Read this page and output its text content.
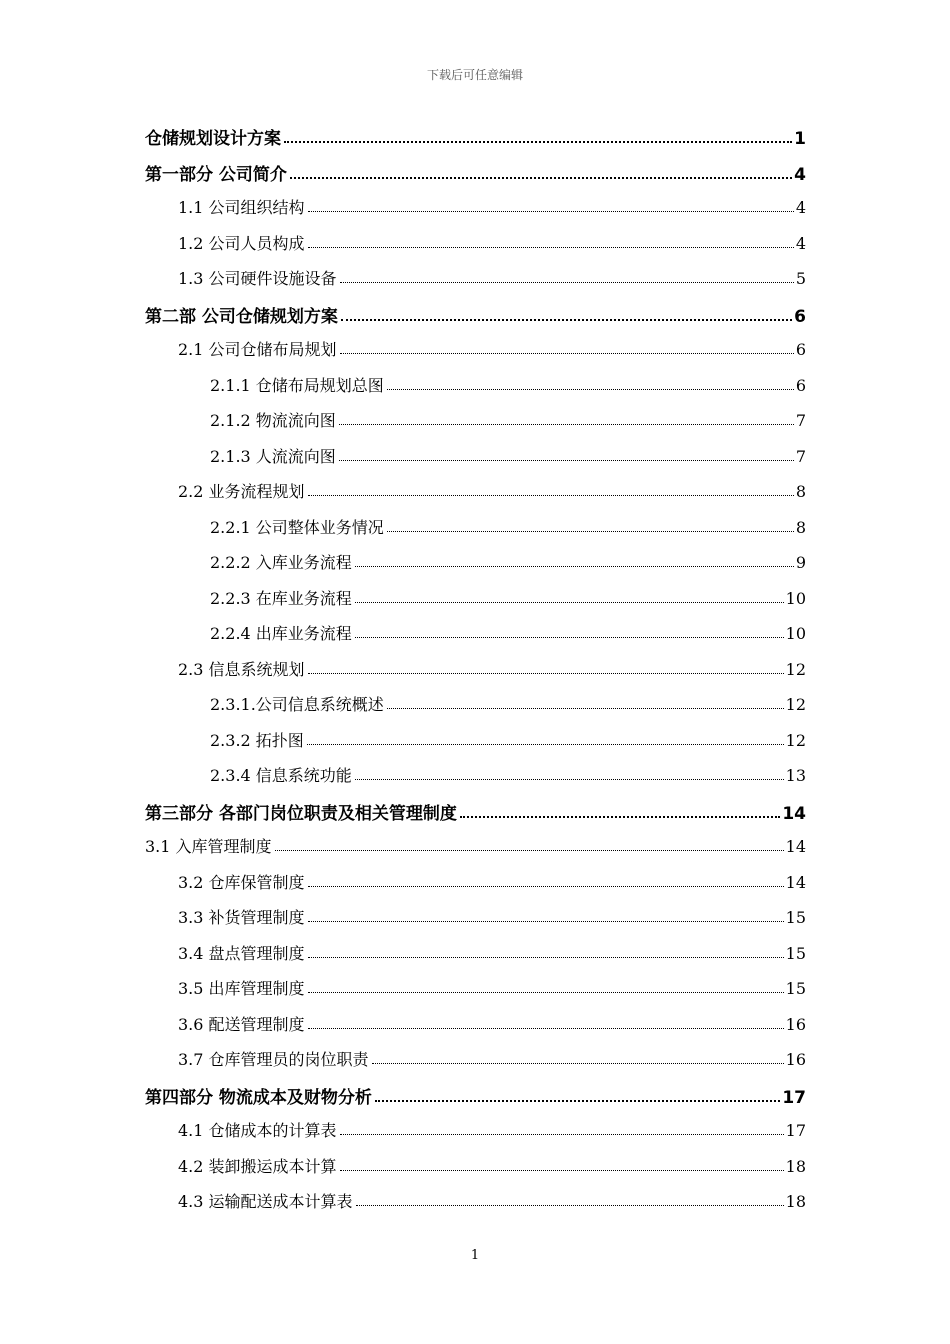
下载后可任意编辑
仓储规划设计方案	1
第一部分 公司简介	4
1.1 公司组织结构	4
1.2 公司人员构成	4
1.3 公司硬件设施设备	5
第二部 公司仓储规划方案	6
2.1 公司仓储布局规划	6
2.1.1 仓储布局规划总图	6
2.1.2 物流流向图	7
2.1.3 人流流向图	7
2.2 业务流程规划	8
2.2.1 公司整体业务情况	8
2.2.2 入库业务流程	9
2.2.3 在库业务流程	10
2.2.4 出库业务流程	10
2.3 信息系统规划	12
2.3.1.公司信息系统概述	12
2.3.2 拓扑图	12
2.3.4 信息系统功能	13
第三部分 各部门岗位职责及相关管理制度	14
3.1 入库管理制度	14
3.2 仓库保管制度	14
3.3 补货管理制度	15
3.4 盘点管理制度	15
3.5 出库管理制度	15
3.6 配送管理制度	16
3.7 仓库管理员的岗位职责	16
第四部分 物流成本及财物分析	17
4.1 仓储成本的计算表	17
4.2 装卸搬运成本计算	18
4.3 运输配送成本计算表	18
1
